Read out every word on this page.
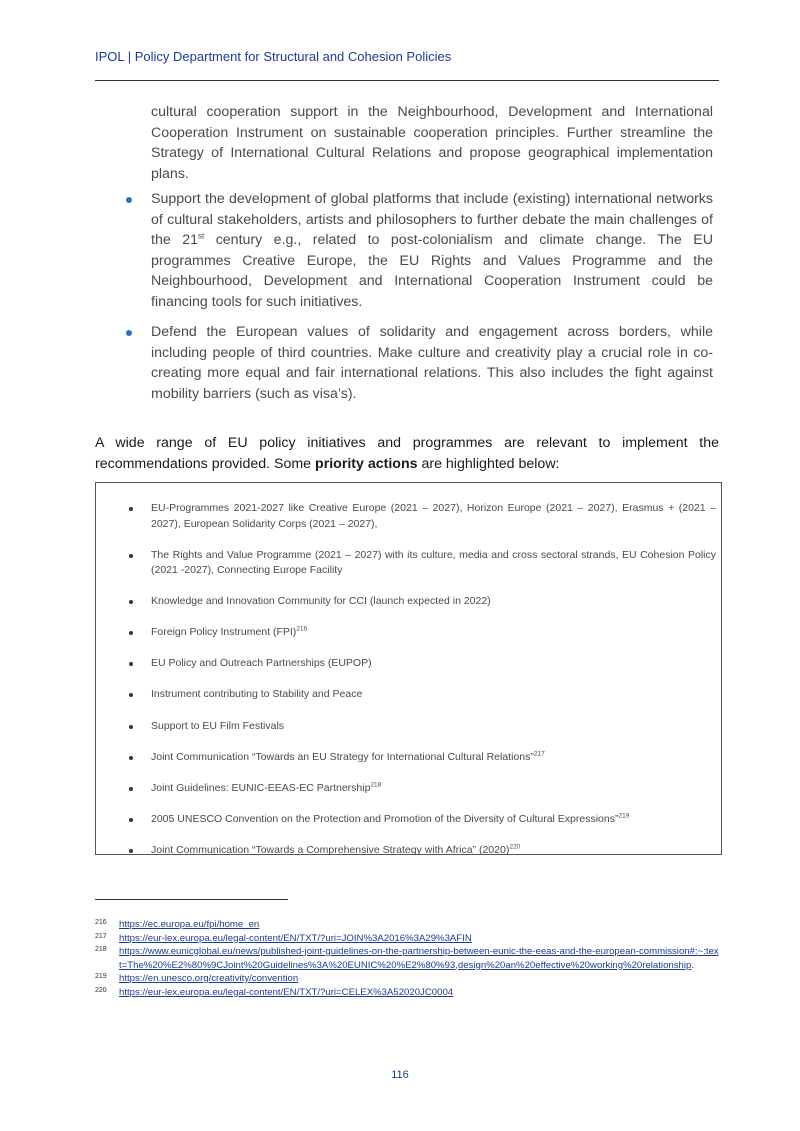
IPOL | Policy Department for Structural and Cohesion Policies
cultural cooperation support in the Neighbourhood, Development and International Cooperation Instrument on sustainable cooperation principles. Further streamline the Strategy of International Cultural Relations and propose geographical implementation plans.
Support the development of global platforms that include (existing) international networks of cultural stakeholders, artists and philosophers to further debate the main challenges of the 21st century e.g., related to post-colonialism and climate change. The EU programmes Creative Europe, the EU Rights and Values Programme and the Neighbourhood, Development and International Cooperation Instrument could be financing tools for such initiatives.
Defend the European values of solidarity and engagement across borders, while including people of third countries. Make culture and creativity play a crucial role in co-creating more equal and fair international relations. This also includes the fight against mobility barriers (such as visa’s).
A wide range of EU policy initiatives and programmes are relevant to implement the recommendations provided. Some priority actions are highlighted below:
EU-Programmes 2021-2027 like Creative Europe (2021 – 2027), Horizon Europe (2021 – 2027), Erasmus + (2021 – 2027), European Solidarity Corps (2021 – 2027),
The Rights and Value Programme (2021 – 2027) with its culture, media and cross sectoral strands, EU Cohesion Policy (2021 -2027), Connecting Europe Facility
Knowledge and Innovation Community for CCI (launch expected in 2022)
Foreign Policy Instrument (FPI)$^{216}$
EU Policy and Outreach Partnerships (EUPOP)
Instrument contributing to Stability and Peace
Support to EU Film Festivals
Joint Communication “Towards an EU Strategy for International Cultural Relations”$^{217}$
Joint Guidelines: EUNIC-EEAS-EC Partnership$^{218}$
2005 UNESCO Convention on the Protection and Promotion of the Diversity of Cultural Expressions”$^{219}$
Joint Communication “Towards a Comprehensive Strategy with Africa” $(2020)^{220}$
216 https://ec.europa.eu/fpi/home_en
217 https://eur-lex.europa.eu/legal-content/EN/TXT/?uri=JOIN%3A2016%3A29%3AFIN
218 https://www.eunicglobal.eu/news/published-joint-guidelines-on-the-partnership-between-eunic-the-eeas-and-the-european-commission#:~:text=The%20%E2%80%9CJoint%20Guidelines%3A%20EUNIC%20%E2%80%93,design%20an%20effective%20working%20relationship.
219 https://en.unesco.org/creativity/convention
220 https://eur-lex.europa.eu/legal-content/EN/TXT/?uri=CELEX%3A52020JC0004
116
